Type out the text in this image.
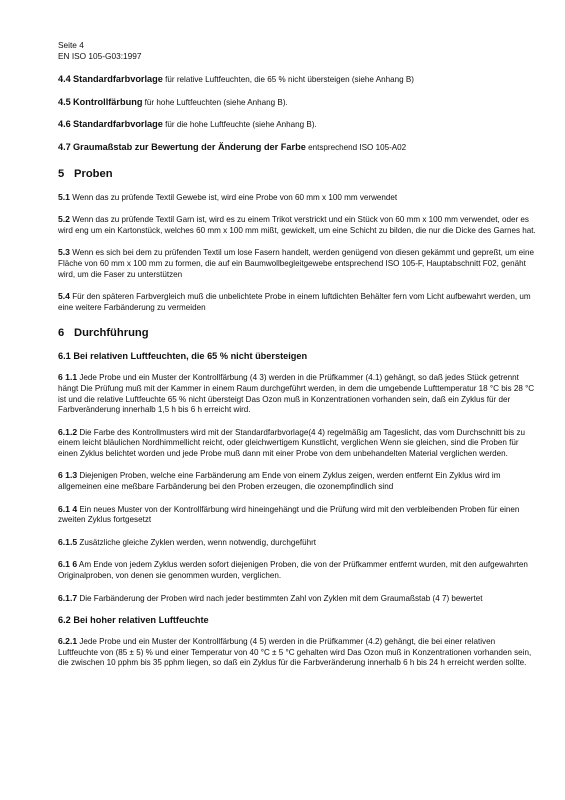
Seite 4
EN ISO 105-G03:1997

4.4 Standardfarbvorlage für relative Luftfeuchten, die 65 % nicht übersteigen (siehe Anhang B)

4.5 Kontrollfärbung für hohe Luftfeuchten (siehe Anhang B).

4.6 Standardfarbvorlage für die hohe Luftfeuchte (siehe Anhang B).

4.7 Graumaßstab zur Bewertung der Änderung der Farbe entsprechend ISO 105-A02

5 Proben

5.1 Wenn das zu prüfende Textil Gewebe ist, wird eine Probe von 60 mm x 100 mm verwendet

5.2 Wenn das zu prüfende Textil Garn ist, wird es zu einem Trikot verstrickt und ein Stück von 60 mm x 100 mm verwendet, oder es wird eng um ein Kartonstück, welches 60 mm x 100 mm mißt, gewickelt, um eine Schicht zu bilden, die nur die Dicke des Garnes hat.

5.3 Wenn es sich bei dem zu prüfenden Textil um lose Fasern handelt, werden genügend von diesen gekämmt und gepreßt, um eine Fläche von 60 mm x 100 mm zu formen, die auf ein Baumwollbegleitgewebe entsprechend ISO 105-F, Hauptabschnitt F02, genäht wird, um die Faser zu unterstützen

5.4 Für den späteren Farbvergleich muß die unbelichtete Probe in einem luftdichten Behälter fern vom Licht aufbewahrt werden, um eine weitere Farbänderung zu vermeiden

6 Durchführung
6.1 Bei relativen Luftfeuchten, die 65 % nicht übersteigen

6 1.1 Jede Probe und ein Muster der Kontrollfärbung (4 3) werden in die Prüfkammer (4.1) gehängt, so daß jedes Stück getrennt hängt Die Prüfung muß mit der Kammer in einem Raum durchgeführt werden, in dem die umgebende Lufttemperatur 18 °C bis 28 °C ist und die relative Luftfeuchte 65 % nicht übersteigt Das Ozon muß in Konzentrationen vorhanden sein, daß ein Zyklus für der Farbveränderung innerhalb 1,5 h bis 6 h erreicht wird.

6.1.2 Die Farbe des Kontrollmusters wird mit der Standardfarbvorlage(4 4) regelmäßig am Tageslicht, das vom Durchschnitt bis zu einem leicht bläulichen Nordhimmellicht reicht, oder gleichwertigem Kunstlicht, verglichen Wenn sie gleichen, sind die Proben für einen Zyklus belichtet worden und jede Probe muß dann mit einer Probe von dem unbehandelten Material verglichen werden.

6 1.3 Diejenigen Proben, welche eine Farbänderung am Ende von einem Zyklus zeigen, werden entfernt Ein Zyklus wird im allgemeinen eine meßbare Farbänderung bei den Proben erzeugen, die ozonempfindlich sind

6.1 4 Ein neues Muster von der Kontrollfärbung wird hineingehängt und die Prüfung wird mit den verbleibenden Proben für einen zweiten Zyklus fortgesetzt

6.1.5 Zusätzliche gleiche Zyklen werden, wenn notwendig, durchgeführt

6.1 6 Am Ende von jedem Zyklus werden sofort diejenigen Proben, die von der Prüfkammer entfernt wurden, mit den aufgewahrten Originalproben, von denen sie genommen wurden, verglichen.

6.1.7 Die Farbänderung der Proben wird nach jeder bestimmten Zahl von Zyklen mit dem Graumaßstab (4 7) bewertet

6.2 Bei hoher relativen Luftfeuchte

6.2.1 Jede Probe und ein Muster der Kontrollfärbung (4 5) werden in die Prüfkammer (4.2) gehängt, die bei einer relativen Luftfeuchte von (85 ± 5) % und einer Temperatur von 40 °C ± 5 °C gehalten wird Das Ozon muß in Konzentrationen vorhanden sein, die zwischen 10 pphm bis 35 pphm liegen, so daß ein Zyklus für die Farbveränderung innerhalb 6 h bis 24 h erreicht werden sollte.
